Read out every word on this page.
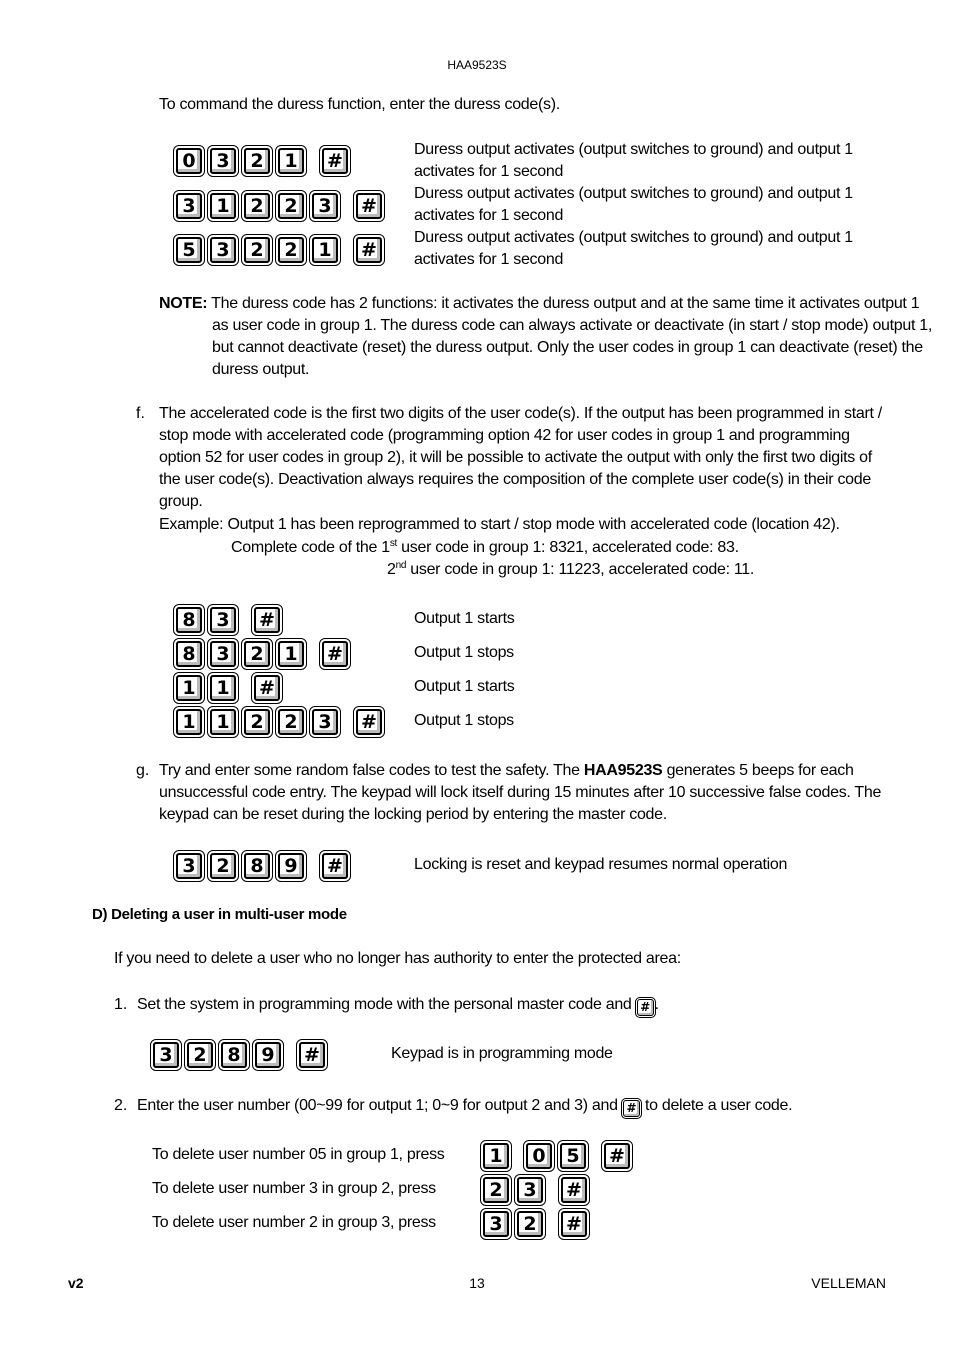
HAA9523S
To command the duress function, enter the duress code(s).
0	3	2	1	#	Duress output activates (output switches to ground) and output 1
activates for 1 second
3	1	2	2	3	#
Duress output activates (output switches to ground) and output 1
activates for 1 second
5	3	2	2	1	#
Duress output activates (output switches to ground) and output 1
activates for 1 second
NOTE: The duress code has 2 functions: it activates the duress output and at the same time it activates output 1 as user code in group 1. The duress code can always activate or deactivate (in start / stop mode) output 1, but cannot deactivate (reset) the duress output. Only the user codes in group 1 can deactivate (reset) the duress output.
f. The accelerated code is the first two digits of the user code(s). If the output has been programmed in start / stop mode with accelerated code (programming option 42 for user codes in group 1 and programming option 52 for user codes in group 2), it will be possible to activate the output with only the first two digits of the user code(s). Deactivation always requires the composition of the complete user code(s) in their code group.
Example: Output 1 has been reprogrammed to start / stop mode with accelerated code (location 42).
Complete code of the 1st user code in group 1: 8321, accelerated code: 83.
2nd user code in group 1: 11223, accelerated code: 11.
8	3	#	Output 1 starts
8	3	2	1	#	Output 1 stops
1	1	#	Output 1 starts
1	1	2	2	3	#	Output 1 stops
g. Try and enter some random false codes to test the safety. The HAA9523S generates 5 beeps for each unsuccessful code entry. The keypad will lock itself during 15 minutes after 10 successive false codes. The keypad can be reset during the locking period by entering the master code.
3	2	8	9	#	Locking is reset and keypad resumes normal operation
D) Deleting a user in multi-user mode
If you need to delete a user who no longer has authority to enter the protected area:
1. Set the system in programming mode with the personal master code and # .
3	2	8	9	#	Keypad is in programming mode
2. Enter the user number (00~99 for output 1; 0~9 for output 2 and 3) and # to delete a user code.
To delete user number 05 in group 1, press	1	0	5	#
To delete user number 3 in group 2, press	2	3	#
To delete user number 2 in group 3, press	3	2	#
v2	13	VELLEMAN
